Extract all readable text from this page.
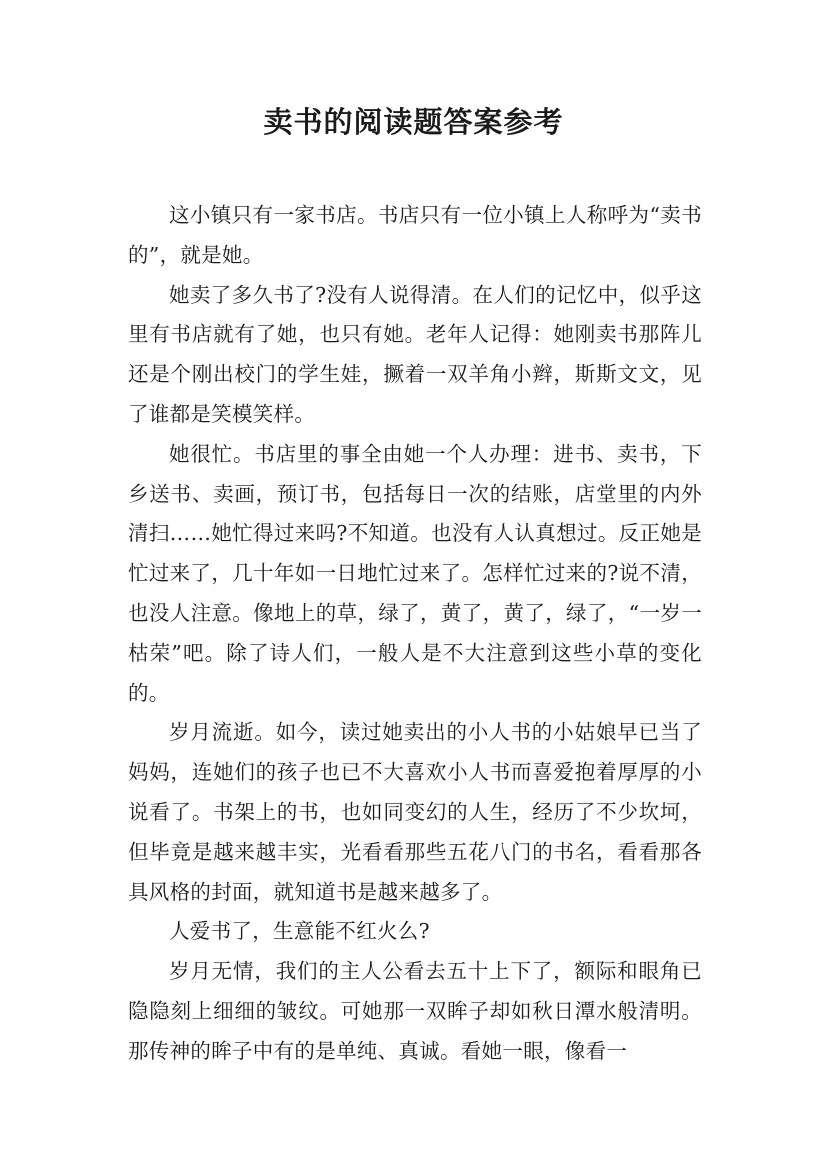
卖书的阅读题答案参考

这小镇只有一家书店。书店只有一位小镇上人称呼为“卖书的”，就是她。

她卖了多久书了?没有人说得清。在人们的记忆中，似乎这里有书店就有了她，也只有她。老年人记得：她刚卖书那阵儿还是个刚出校门的学生娃，撅着一双羊角小辫，斯斯文文，见了谁都是笑模笑样。

她很忙。书店里的事全由她一个人办理：进书、卖书，下乡送书、卖画，预订书，包括每日一次的结账，店堂里的内外清扫……她忙得过来吗?不知道。也没有人认真想过。反正她是忙过来了，几十年如一日地忙过来了。怎样忙过来的?说不清，也没人注意。像地上的草，绿了，黄了，黄了，绿了，“一岁一枯荣”吧。除了诗人们，一般人是不大注意到这些小草的变化的。

岁月流逝。如今，读过她卖出的小人书的小姑娘早已当了妈妈，连她们的孩子也已不大喜欢小人书而喜爱抱着厚厚的小说看了。书架上的书，也如同变幻的人生，经历了不少坎坷，但毕竟是越来越丰实，光看看那些五花八门的书名，看看那各具风格的封面，就知道书是越来越多了。

人爱书了，生意能不红火么?

岁月无情，我们的主人公看去五十上下了，额际和眼角已隐隐刻上细细的皱纹。可她那一双眸子却如秋日潭水般清明。那传神的眸子中有的是单纯、真诚。看她一眼，像看一
